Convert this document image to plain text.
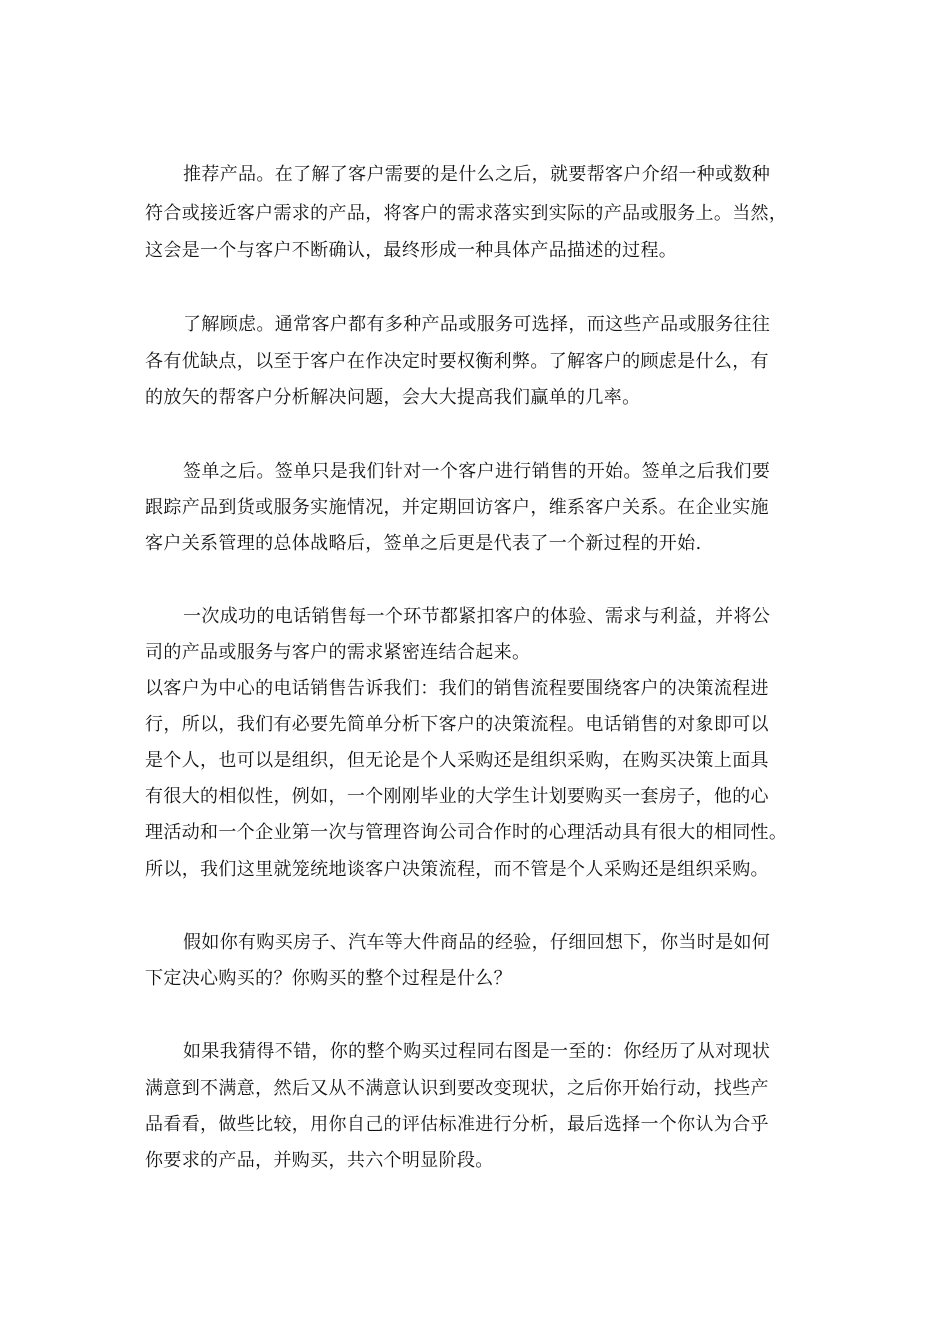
推荐产品。在了解了客户需要的是什么之后，就要帮客户介绍一种或数种

符合或接近客户需求的产品，将客户的需求落实到实际的产品或服务上。当然，

这会是一个与客户不断确认，最终形成一种具体产品描述的过程。

了解顾虑。通常客户都有多种产品或服务可选择，而这些产品或服务往往

各有优缺点，以至于客户在作决定时要权衡利弊。了解客户的顾虑是什么，有

的放矢的帮客户分析解决问题，会大大提高我们赢单的几率。

签单之后。签单只是我们针对一个客户进行销售的开始。签单之后我们要

跟踪产品到货或服务实施情况，并定期回访客户，维系客户关系。在企业实施

客户关系管理的总体战略后，签单之后更是代表了一个新过程的开始.

一次成功的电话销售每一个环节都紧扣客户的体验、需求与利益，并将公

司的产品或服务与客户的需求紧密连结合起来。

以客户为中心的电话销售告诉我们：我们的销售流程要围绕客户的决策流程进

行，所以，我们有必要先简单分析下客户的决策流程。电话销售的对象即可以

是个人，也可以是组织，但无论是个人采购还是组织采购，在购买决策上面具

有很大的相似性，例如，一个刚刚毕业的大学生计划要购买一套房子，他的心

理活动和一个企业第一次与管理咨询公司合作时的心理活动具有很大的相同性。

所以，我们这里就笼统地谈客户决策流程，而不管是个人采购还是组织采购。

假如你有购买房子、汽车等大件商品的经验，仔细回想下，你当时是如何

下定决心购买的？你购买的整个过程是什么？

如果我猜得不错，你的整个购买过程同右图是一至的：你经历了从对现状

满意到不满意，然后又从不满意认识到要改变现状，之后你开始行动，找些产

品看看，做些比较，用你自己的评估标准进行分析，最后选择一个你认为合乎

你要求的产品，并购买，共六个明显阶段。
